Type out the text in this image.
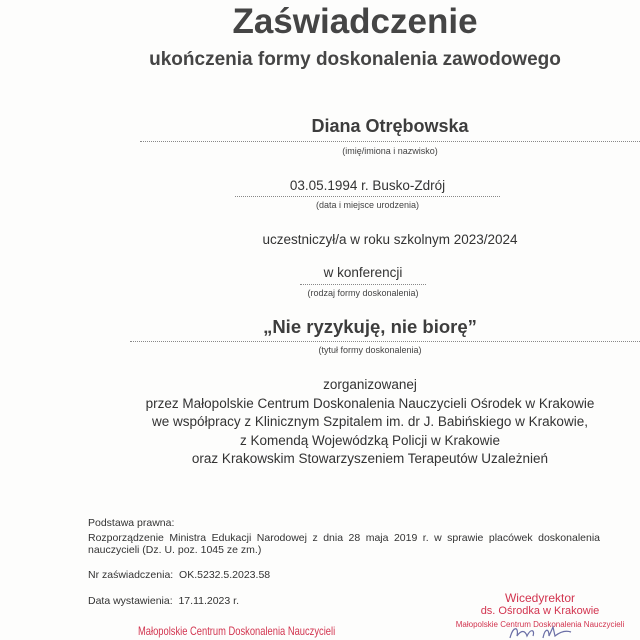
Zaświadczenie
ukończenia formy doskonalenia zawodowego
Diana Otrębowska
(imię/imiona i nazwisko)
03.05.1994 r. Busko-Zdrój
(data i miejsce urodzenia)
uczestniczył/a w roku szkolnym 2023/2024
w konferencji
(rodzaj formy doskonalenia)
„Nie ryzykuję, nie biorę”
(tytuł formy doskonalenia)
zorganizowanej
przez Małopolskie Centrum Doskonalenia Nauczycieli Ośrodek w Krakowie
we współpracy z Klinicznym Szpitalem im. dr J. Babińskiego w Krakowie,
z Komendą Wojewódzką Policji w Krakowie
oraz Krakowskim Stowarzyszeniem Terapeutów Uzależnień
Podstawa prawna:
Rozporządzenie Ministra Edukacji Narodowej z dnia 28 maja 2019 r. w sprawie placówek doskonalenia nauczycieli (Dz. U. poz. 1045 ze zm.)
Nr zaświadczenia: OK.5232.5.2023.58
Data wystawienia: 17.11.2023 r.
Małopolskie Centrum Doskonalenia Nauczycieli
Wicedyrektor
ds. Ośrodka w Krakowie
Małopolskie Centrum Doskonalenia Nauczycieli
